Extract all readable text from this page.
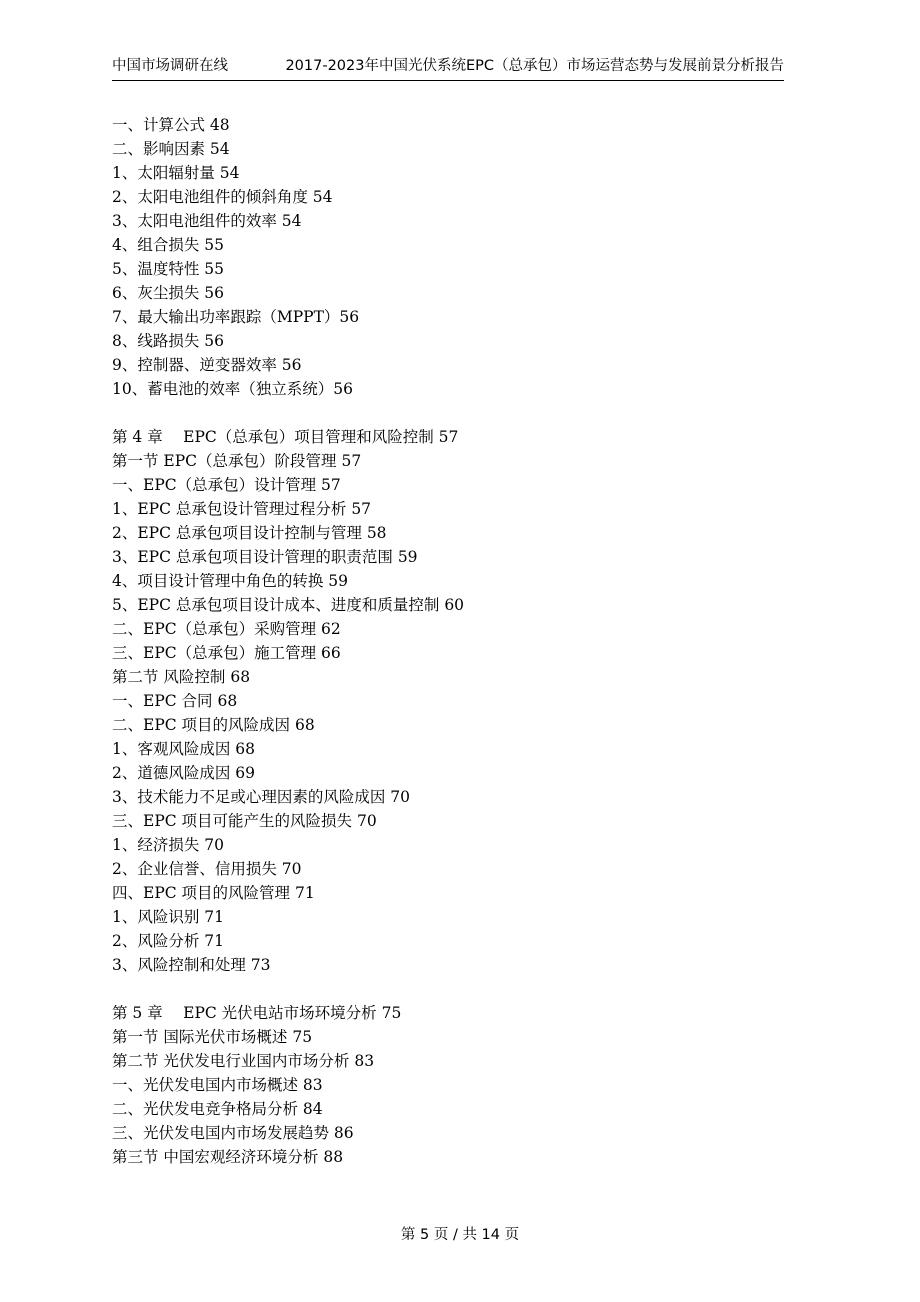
中国市场调研在线	2017-2023年中国光伏系统EPC（总承包）市场运营态势与发展前景分析报告
一、计算公式 48
二、影响因素 54
1、太阳辐射量 54
2、太阳电池组件的倾斜角度 54
3、太阳电池组件的效率 54
4、组合损失 55
5、温度特性 55
6、灰尘损失 56
7、最大输出功率跟踪（MPPT）56
8、线路损失 56
9、控制器、逆变器效率 56
10、蓄电池的效率（独立系统）56
第 4 章　 EPC（总承包）项目管理和风险控制 57
第一节 EPC（总承包）阶段管理 57
一、EPC（总承包）设计管理 57
1、EPC 总承包设计管理过程分析 57
2、EPC 总承包项目设计控制与管理 58
3、EPC 总承包项目设计管理的职责范围 59
4、项目设计管理中角色的转换 59
5、EPC 总承包项目设计成本、进度和质量控制 60
二、EPC（总承包）采购管理 62
三、EPC（总承包）施工管理 66
第二节 风险控制 68
一、EPC 合同 68
二、EPC 项目的风险成因 68
1、客观风险成因 68
2、道德风险成因 69
3、技术能力不足或心理因素的风险成因 70
三、EPC 项目可能产生的风险损失 70
1、经济损失 70
2、企业信誉、信用损失 70
四、EPC 项目的风险管理 71
1、风险识别 71
2、风险分析 71
3、风险控制和处理 73
第 5 章　 EPC 光伏电站市场环境分析 75
第一节 国际光伏市场概述 75
第二节 光伏发电行业国内市场分析 83
一、光伏发电国内市场概述 83
二、光伏发电竞争格局分析 84
三、光伏发电国内市场发展趋势 86
第三节 中国宏观经济环境分析 88
第 5 页 / 共 14 页
